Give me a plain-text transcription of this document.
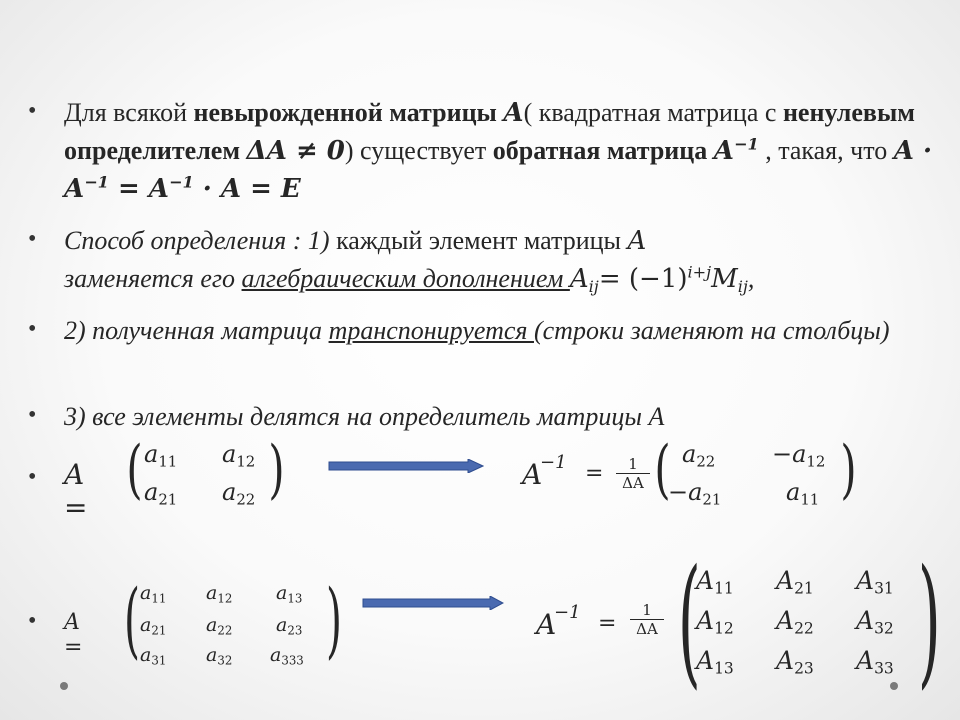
• Для всякой невырожденной матрицы A( квадратная матрица с ненулевым определителем ΔA ≠ 0) существует обратная матрица $A^{-1}$ , такая, что $A \cdot A^{-1} = A^{-1} \cdot A = E$

• Способ определения : 1) каждый элемент матрицы A
заменяется его алгебраическим дополнением $A_{ij}= (-1)^{i+j}M_{ij}$,

• 2) полученная матрица транспонируется (строки заменяют на столбцы)

• 3) все элементы делятся на определитель матрицы A

• A =
( $a_{11}$ $a_{12}$
$a_{21}$ $a_{22}$ )	A
$-1 = \frac{1}{\Delta A}$ ( $a_{22} -a_{12}$
$-a_{21}$	$a_{11}$ )
• A = ( $a_{11}$ $a_{12}$ $a_{13}$
$a_{21}$ $a_{22}$ $a_{23}$
$a_{31}$ $a_{32}$ $a_{333}$ )	A
$-1 = \frac{1}{\Delta A}$ (
$A_{11}$ $A_{21}$ $A_{31}$
$A_{12}$ $A_{22}$ $A_{32}$
$A_{13}$ $A_{23}$ $A_{33}$ )
